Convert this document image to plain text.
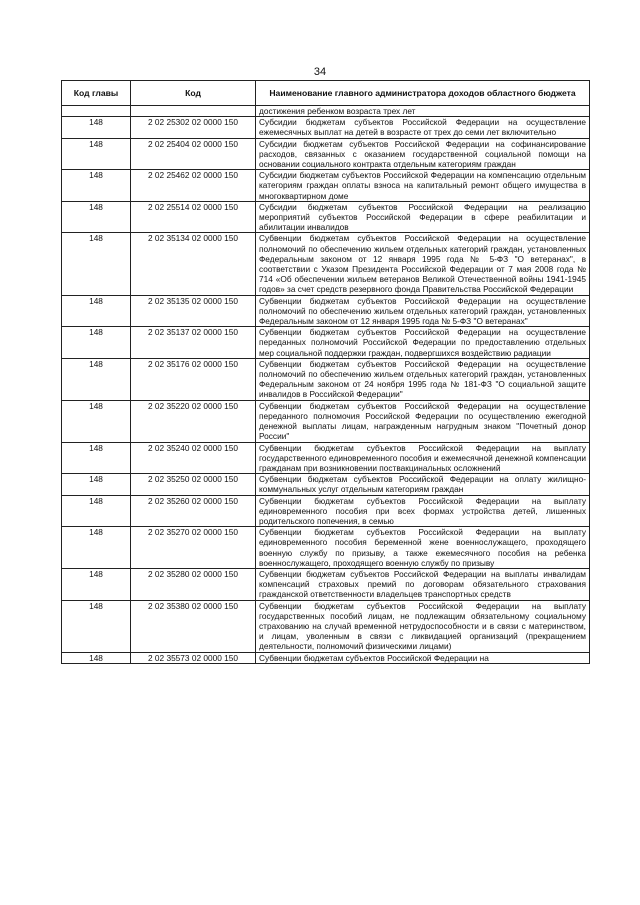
34
Код главы	Код	Наименование главного администратора доходов областного бюджета
		достижения ребенком возраста трех лет
148	2 02 25302 02 0000 150	Субсидии бюджетам субъектов Российской Федерации на осуществление ежемесячных выплат на детей в возрасте от трех до семи лет включительно
148	2 02 25404 02 0000 150	Субсидии бюджетам субъектов Российской Федерации на софинансирование расходов, связанных с оказанием государственной социальной помощи на основании социального контракта отдельным категориям граждан
148	2 02 25462 02 0000 150	Субсидии бюджетам субъектов Российской Федерации на компенсацию отдельным категориям граждан оплаты взноса на капитальный ремонт общего имущества в многоквартирном доме
148	2 02 25514 02 0000 150	Субсидии бюджетам субъектов Российской Федерации на реализацию мероприятий субъектов Российской Федерации в сфере реабилитации и абилитации инвалидов
148	2 02 35134 02 0000 150	Субвенции бюджетам субъектов Российской Федерации на осуществление полномочий по обеспечению жильем отдельных категорий граждан, установленных Федеральным законом от 12 января 1995 года № 5-ФЗ "О ветеранах", в соответствии с Указом Президента Российской Федерации от 7 мая 2008 года № 714 «Об обеспечении жильем ветеранов Великой Отечественной войны 1941-1945 годов» за счет средств резервного фонда Правительства Российской Федерации
148	2 02 35135 02 0000 150	Субвенции бюджетам субъектов Российской Федерации на осуществление полномочий по обеспечению жильем отдельных категорий граждан, установленных Федеральным законом от 12 января 1995 года № 5-ФЗ "О ветеранах"
148	2 02 35137 02 0000 150	Субвенции бюджетам субъектов Российской Федерации на осуществление переданных полномочий Российской Федерации по предоставлению отдельных мер социальной поддержки граждан, подвергшихся воздействию радиации
148	2 02 35176 02 0000 150	Субвенции бюджетам субъектов Российской Федерации на осуществление полномочий по обеспечению жильем отдельных категорий граждан, установленных Федеральным законом от 24 ноября 1995 года № 181-ФЗ "О социальной защите инвалидов в Российской Федерации"
148	2 02 35220 02 0000 150	Субвенции бюджетам субъектов Российской Федерации на осуществление переданного полномочия Российской Федерации по осуществлению ежегодной денежной выплаты лицам, награжденным нагрудным знаком "Почетный донор России"
148	2 02 35240 02 0000 150	Субвенции бюджетам субъектов Российской Федерации на выплату государственного единовременного пособия и ежемесячной денежной компенсации гражданам при возникновении поствакцинальных осложнений
148	2 02 35250 02 0000 150	Субвенции бюджетам субъектов Российской Федерации на оплату жилищно-коммунальных услуг отдельным категориям граждан
148	2 02 35260 02 0000 150	Субвенции бюджетам субъектов Российской Федерации на выплату единовременного пособия при всех формах устройства детей, лишенных родительского попечения, в семью
148	2 02 35270 02 0000 150	Субвенции бюджетам субъектов Российской Федерации на выплату единовременного пособия беременной жене военнослужащего, проходящего военную службу по призыву, а также ежемесячного пособия на ребенка военнослужащего, проходящего военную службу по призыву
148	2 02 35280 02 0000 150	Субвенции бюджетам субъектов Российской Федерации на выплаты инвалидам компенсаций страховых премий по договорам обязательного страхования гражданской ответственности владельцев транспортных средств
148	2 02 35380 02 0000 150	Субвенции бюджетам субъектов Российской Федерации на выплату государственных пособий лицам, не подлежащим обязательному социальному страхованию на случай временной нетрудоспособности и в связи с материнством, и лицам, уволенным в связи с ликвидацией организаций (прекращением деятельности, полномочий физическими лицами)
148	2 02 35573 02 0000 150	Субвенции бюджетам субъектов Российской Федерации на
